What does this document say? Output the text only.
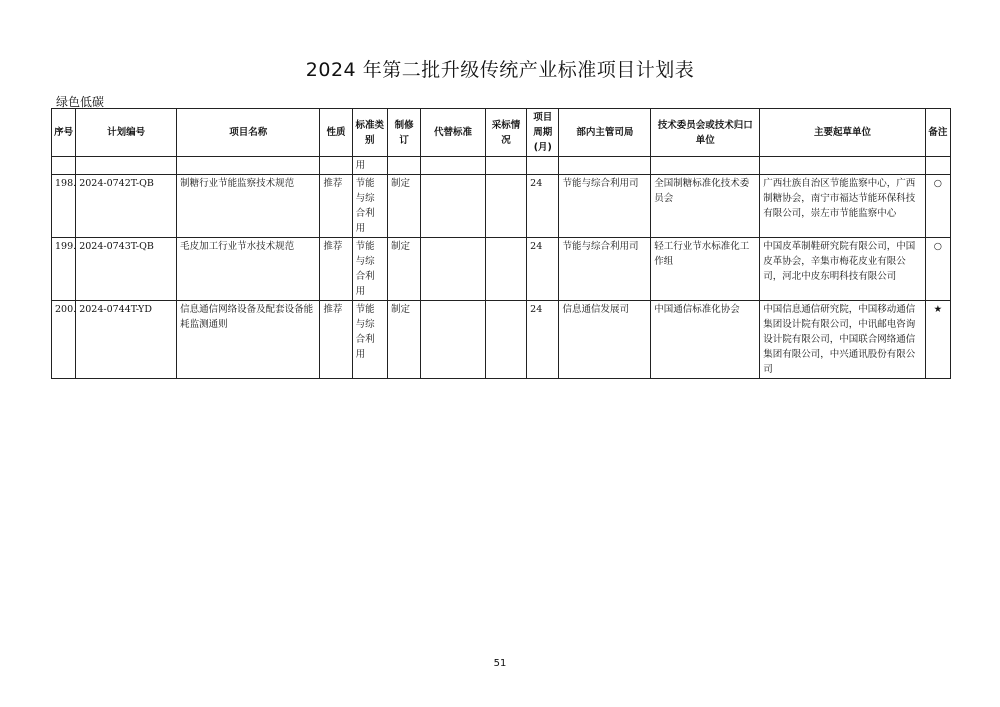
2024 年第二批升级传统产业标准项目计划表
绿色低碳
序号	计划编号	项目名称	性质	标准类别	制修订	代替标准	采标情况	项目周期(月)	部内主管司局	技术委员会或技术归口单位	主要起草单位	备注
				用								
198.	2024-0742T-QB	制糖行业节能监察技术规范	推荐	节能与综合利用	制定			24	节能与综合利用司	全国制糖标准化技术委员会	广西壮族自治区节能监察中心，广西制糖协会，南宁市福达节能环保科技有限公司，崇左市节能监察中心	○
199.	2024-0743T-QB	毛皮加工行业节水技术规范	推荐	节能与综合利用	制定			24	节能与综合利用司	轻工行业节水标准化工作组	中国皮革制鞋研究院有限公司，中国皮革协会，辛集市梅花皮业有限公司，河北中皮东明科技有限公司	○
200.	2024-0744T-YD	信息通信网络设备及配套设备能耗监测通则	推荐	节能与综合利用	制定			24	信息通信发展司	中国通信标准化协会	中国信息通信研究院，中国移动通信集团设计院有限公司，中讯邮电咨询设计院有限公司，中国联合网络通信集团有限公司，中兴通讯股份有限公司	★
51
